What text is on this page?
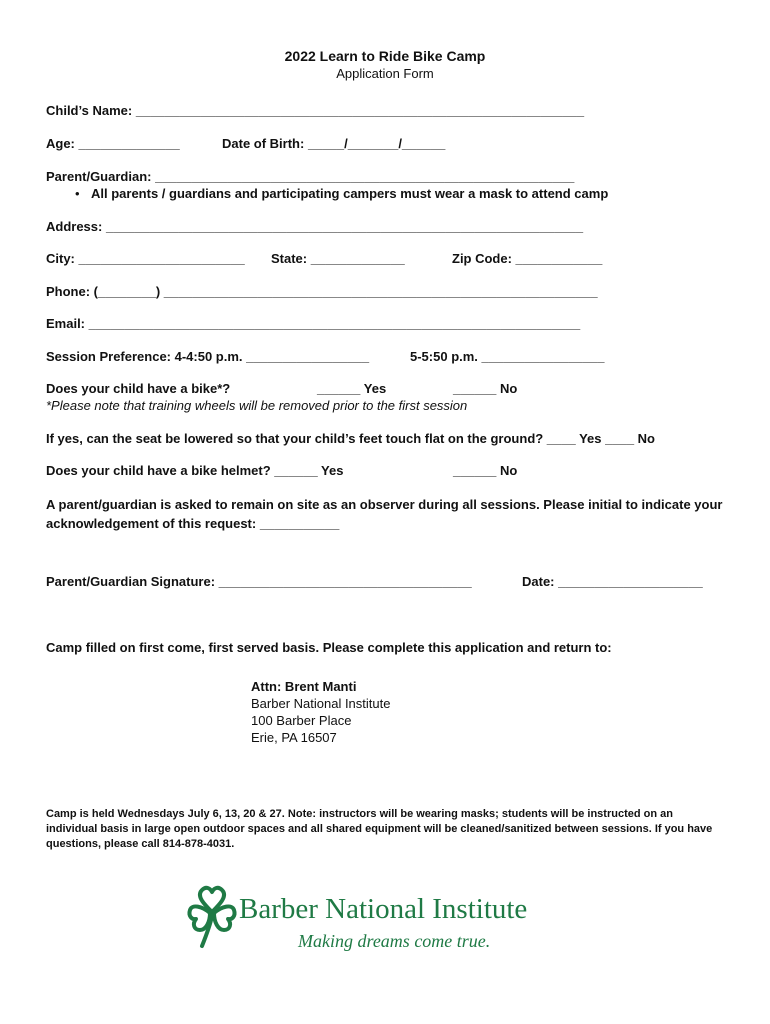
2022 Learn to Ride Bike Camp
Application Form
Child’s Name: ______________________________________________________________
Age: ______________	Date of Birth: _____/_______/______
Parent/Guardian: __________________________________________________________
• All parents / guardians and participating campers must wear a mask to attend camp
Address: __________________________________________________________________
City: _______________________ State: _____________	Zip Code: ____________
Phone: (________) ____________________________________________________________
Email: ____________________________________________________________________
Session Preference: 4-4:50 p.m. _________________	5-5:50 p.m. _________________
Does your child have a bike*?	______ Yes	______ No
*Please note that training wheels will be removed prior to the first session
If yes, can the seat be lowered so that your child’s feet touch flat on the ground? ____ Yes ____ No
Does your child have a bike helmet? ______ Yes	______ No
A parent/guardian is asked to remain on site as an observer during all sessions. Please initial to indicate your acknowledgement of this request: ___________
Parent/Guardian Signature: ___________________________________	Date: ____________________
Camp filled on first come, first served basis. Please complete this application and return to:
Attn: Brent Manti
Barber National Institute
100 Barber Place
Erie, PA 16507
Camp is held Wednesdays July 6, 13, 20 & 27. Note: instructors will be wearing masks; students will be instructed on an individual basis in large open outdoor spaces and all shared equipment will be cleaned/sanitized between sessions. If you have questions, please call 814-878-4031.
Barber National Institute
Making dreams come true.
